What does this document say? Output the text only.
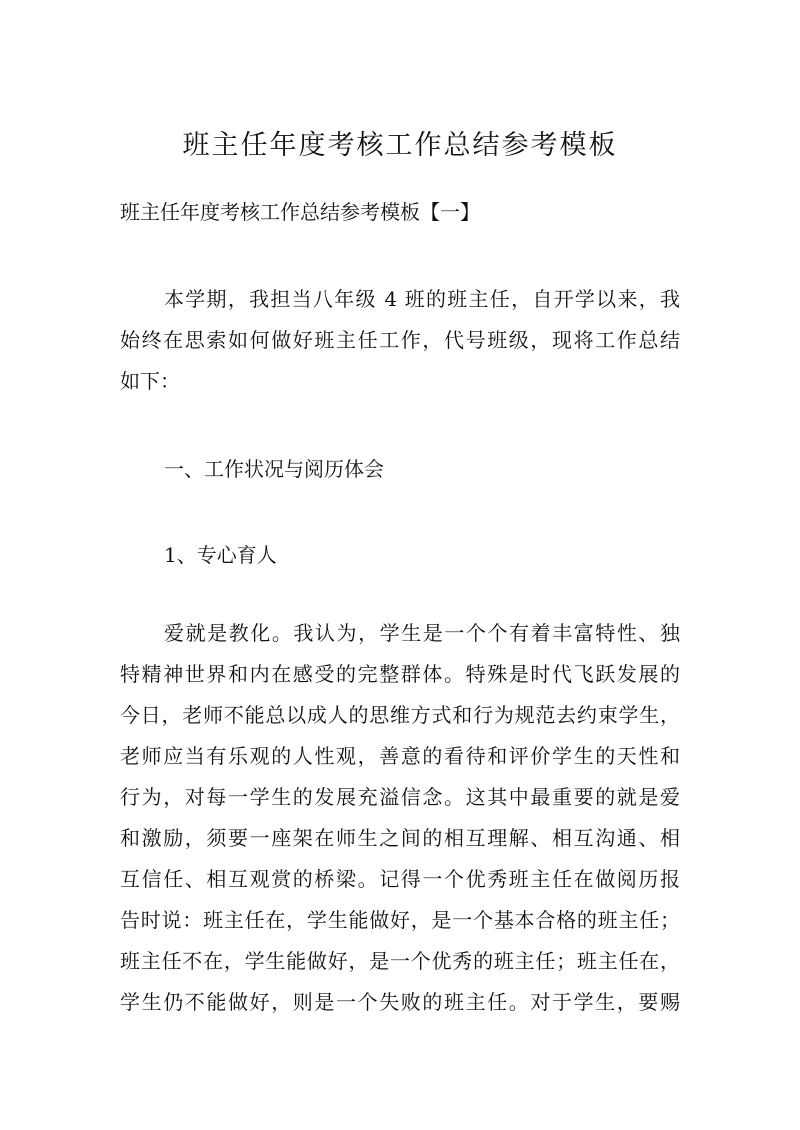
班主任年度考核工作总结参考模板
班主任年度考核工作总结参考模板【一】
本学期，我担当八年级 4 班的班主任，自开学以来，我
始终在思索如何做好班主任工作，代号班级，现将工作总结
如下：
一、工作状况与阅历体会
1、专心育人
爱就是教化。我认为，学生是一个个有着丰富特性、独
特精神世界和内在感受的完整群体。特殊是时代飞跃发展的
今日，老师不能总以成人的思维方式和行为规范去约束学生，
老师应当有乐观的人性观，善意的看待和评价学生的天性和
行为，对每一学生的发展充溢信念。这其中最重要的就是爱
和激励，须要一座架在师生之间的相互理解、相互沟通、相
互信任、相互观赏的桥梁。记得一个优秀班主任在做阅历报
告时说：班主任在，学生能做好，是一个基本合格的班主任；
班主任不在，学生能做好，是一个优秀的班主任；班主任在，
学生仍不能做好，则是一个失败的班主任。对于学生，要赐
